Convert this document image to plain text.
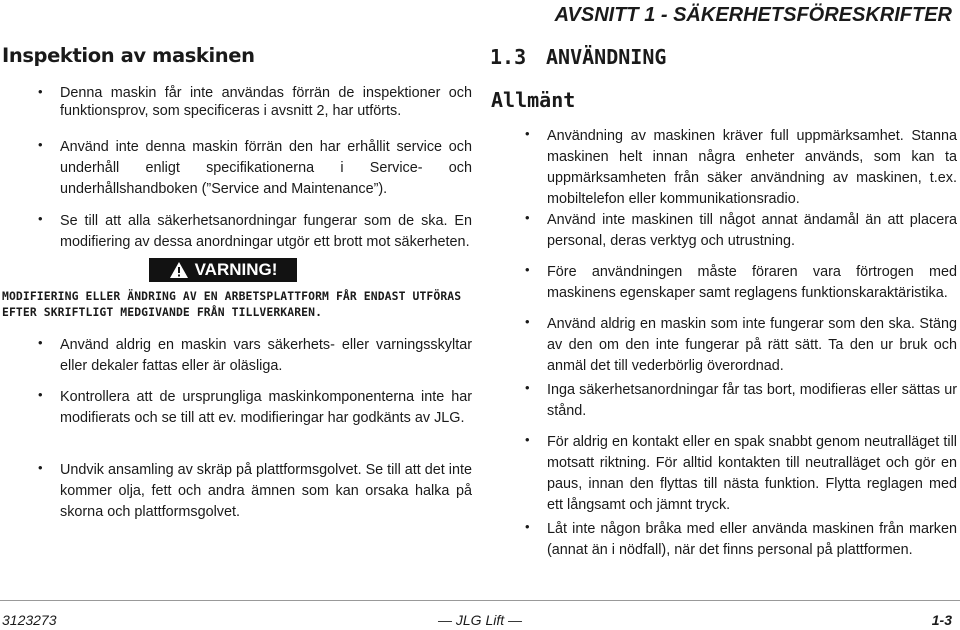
AVSNITT 1 - SÄKERHETSFÖRESKRIFTER
Inspektion av maskinen
• Denna maskin får inte användas förrän de inspektioner och funktionsprov, som specificeras i avsnitt 2, har utförts.
• Använd inte denna maskin förrän den har erhållit service och underhåll enligt specifikationerna i Service- och underhållshandboken (”Service and Maintenance”).
• Se till att alla säkerhetsanordningar fungerar som de ska. En modifiering av dessa anordningar utgör ett brott mot säkerheten.
VARNING!
MODIFIERING ELLER ÄNDRING AV EN ARBETSPLATTFORM FÅR ENDAST UTFÖRAS
EFTER SKRIFTLIGT MEDGIVANDE FRÅN TILLVERKAREN.
• Använd aldrig en maskin vars säkerhets- eller varningsskyltar eller dekaler fattas eller är oläsliga.
• Kontrollera att de ursprungliga maskinkomponenterna inte har modifierats och se till att ev. modifieringar har godkänts av JLG.
• Undvik ansamling av skräp på plattformsgolvet. Se till att det inte kommer olja, fett och andra ämnen som kan orsaka halka på skorna och plattformsgolvet.
1.3 ANVÄNDNING
Allmänt
• Användning av maskinen kräver full uppmärksamhet. Stanna maskinen helt innan några enheter används, som kan ta uppmärksamheten från säker användning av maskinen, t.ex. mobiltelefon eller kommunikationsradio.
• Använd inte maskinen till något annat ändamål än att placera personal, deras verktyg och utrustning.
• Före användningen måste föraren vara förtrogen med maskinens egenskaper samt reglagens funktionskaraktäristika.
• Använd aldrig en maskin som inte fungerar som den ska. Stäng av den om den inte fungerar på rätt sätt. Ta den ur bruk och anmäl det till vederbörlig överordnad.
• Inga säkerhetsanordningar får tas bort, modifieras eller sättas ur stånd.
• För aldrig en kontakt eller en spak snabbt genom neutralläget till motsatt riktning. För alltid kontakten till neutralläget och gör en paus, innan den flyttas till nästa funktion. Flytta reglagen med ett långsamt och jämnt tryck.
• Låt inte någon bråka med eller använda maskinen från marken (annat än i nödfall), när det finns personal på plattformen.
3123273	— JLG Lift —	1-3
